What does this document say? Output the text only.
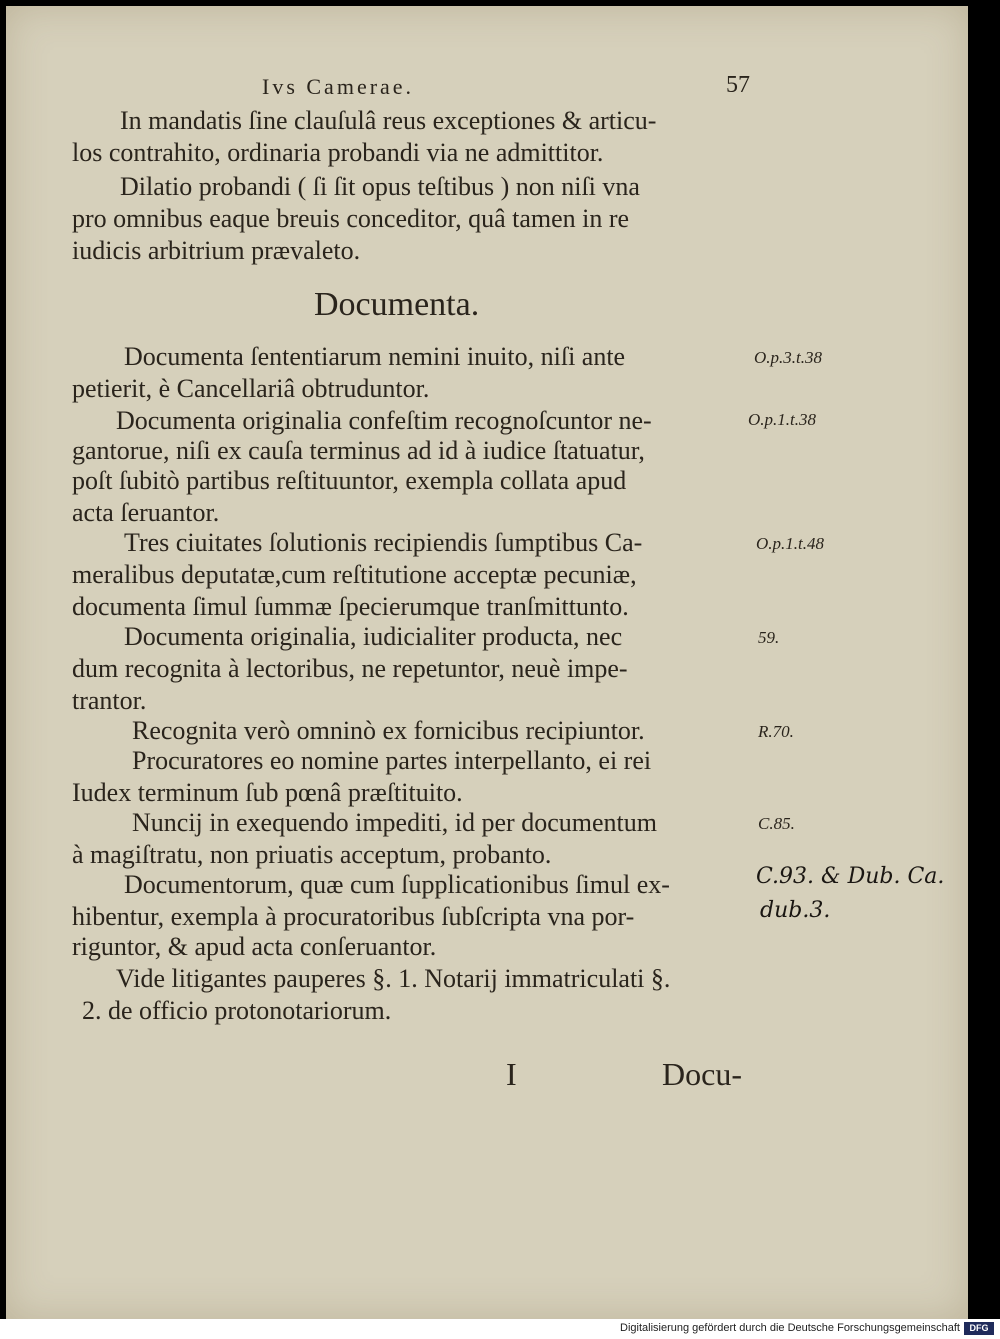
Ivs Camerae.	57
In mandatis ſine clauſulâ reus exceptiones & articu-
los contrahito, ordinaria probandi via ne admittitor.
Dilatio probandi ( ſi ſit opus teſtibus ) non niſi vna
pro omnibus eaque breuis conceditor, quâ tamen in re
iudicis arbitrium prævaleto.
Documenta.
Documenta ſententiarum nemini inuito, niſi ante
petierit, è Cancellariâ obtruduntor.
Documenta originalia confeſtim recognoſcuntor ne-
gantorue, niſi ex cauſa terminus ad id à iudice ſtatuatur,
poſt ſubitò partibus reſtituuntor, exempla collata apud
acta ſeruantor.
Tres ciuitates ſolutionis recipiendis ſumptibus Ca-
meralibus deputatæ,cum reſtitutione acceptæ pecuniæ,
documenta ſimul ſummæ ſpecierumque tranſmittunto.
Documenta originalia, iudicialiter producta, nec
dum recognita à lectoribus, ne repetuntor, neuè impe-
trantor.
Recognita verò omninò ex fornicibus recipiuntor.
Procuratores eo nomine partes interpellanto, ei rei
Iudex terminum ſub pœnâ præſtituito.
Nuncij in exequendo impediti, id per documentum
à magiſtratu, non priuatis acceptum, probanto.
Documentorum, quæ cum ſupplicationibus ſimul ex-
hibentur, exempla à procuratoribus ſubſcripta vna por-
riguntor, & apud acta conſeruantor.
Vide litigantes pauperes §. 1. Notarij immatriculati §.
2. de officio protonotariorum.
O.p.3.t.38
O.p.1.t.38
O.p.1.t.48
59.
R.70.
C.85.
C.93. & Dub. Ca.
dub.3.
I	Docu-
Digitalisierung gefördert durch die Deutsche Forschungsgemeinschaft	DFG
